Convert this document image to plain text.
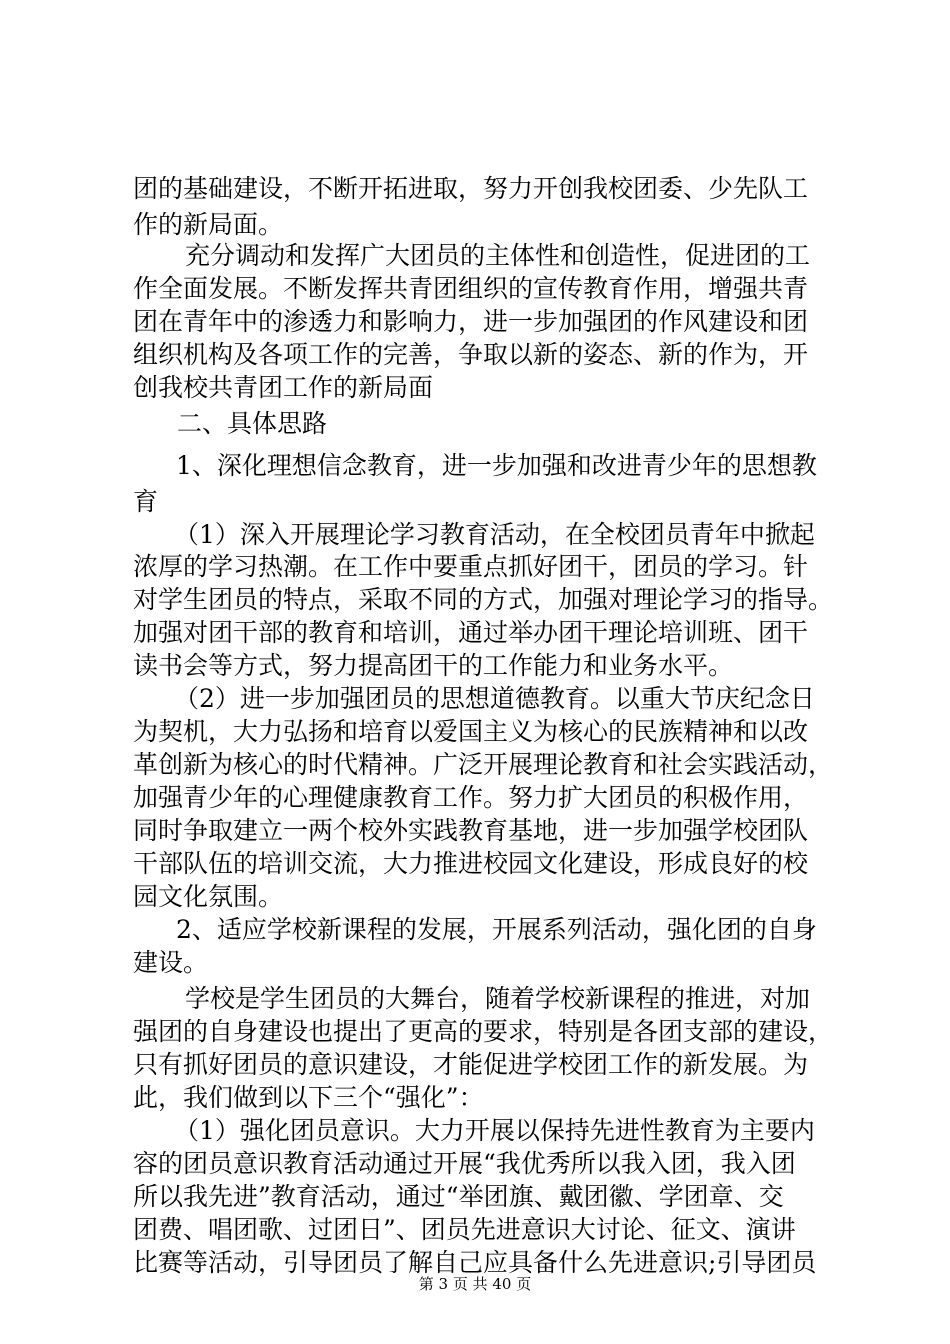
团的基础建设，不断开拓进取，努力开创我校团委、少先队工
作的新局面。
充分调动和发挥广大团员的主体性和创造性，促进团的工
作全面发展。不断发挥共青团组织的宣传教育作用，增强共青
团在青年中的渗透力和影响力，进一步加强团的作风建设和团
组织机构及各项工作的完善，争取以新的姿态、新的作为，开
创我校共青团工作的新局面
二、具体思路
1、深化理想信念教育，进一步加强和改进青少年的思想教
育
（1）深入开展理论学习教育活动，在全校团员青年中掀起
浓厚的学习热潮。在工作中要重点抓好团干，团员的学习。针
对学生团员的特点，采取不同的方式，加强对理论学习的指导。
加强对团干部的教育和培训，通过举办团干理论培训班、团干
读书会等方式，努力提高团干的工作能力和业务水平。
（2）进一步加强团员的思想道德教育。以重大节庆纪念日
为契机，大力弘扬和培育以爱国主义为核心的民族精神和以改
革创新为核心的时代精神。广泛开展理论教育和社会实践活动，
加强青少年的心理健康教育工作。努力扩大团员的积极作用，
同时争取建立一两个校外实践教育基地，进一步加强学校团队
干部队伍的培训交流，大力推进校园文化建设，形成良好的校
园文化氛围。
2、适应学校新课程的发展，开展系列活动，强化团的自身
建设。
学校是学生团员的大舞台，随着学校新课程的推进，对加
强团的自身建设也提出了更高的要求，特别是各团支部的建设，
只有抓好团员的意识建设，才能促进学校团工作的新发展。为
此，我们做到以下三个“强化”：
（1）强化团员意识。大力开展以保持先进性教育为主要内
容的团员意识教育活动通过开展“我优秀所以我入团，我入团
所以我先进”教育活动，通过“举团旗、戴团徽、学团章、交
团费、唱团歌、过团日”、团员先进意识大讨论、征文、演讲
比赛等活动，引导团员了解自己应具备什么先进意识;引导团员
第 3 页 共 40 页
